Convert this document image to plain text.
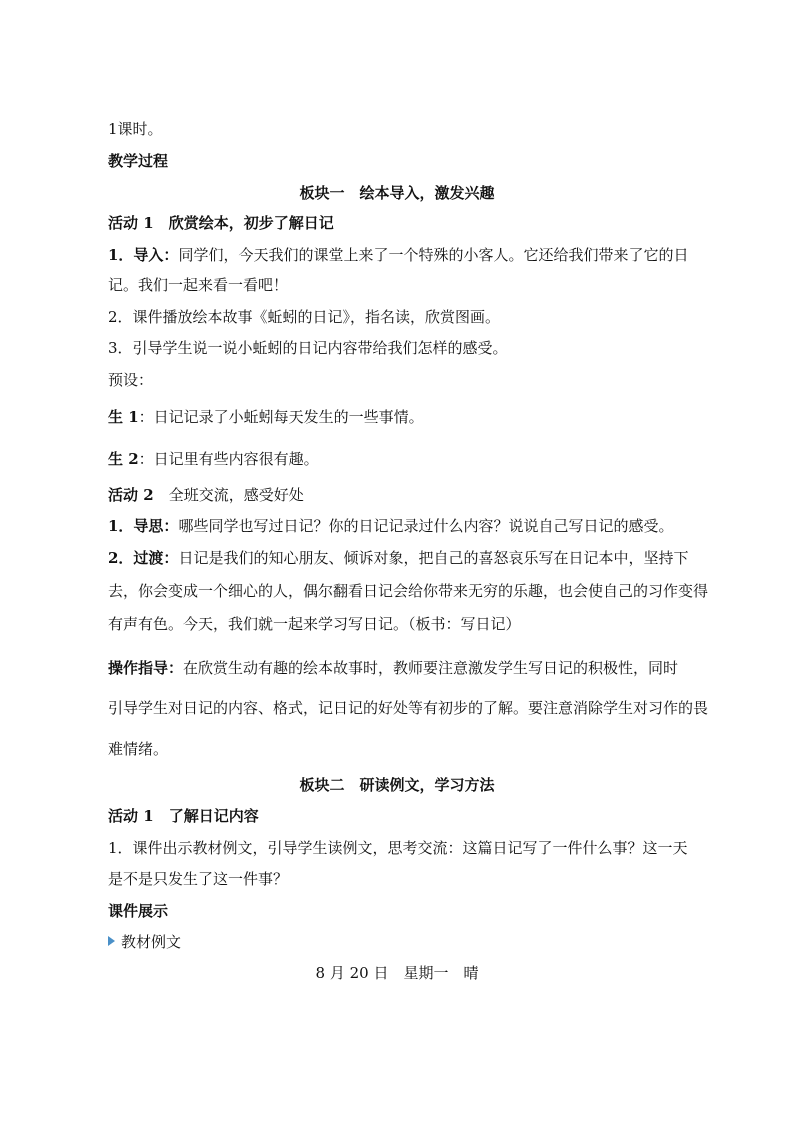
1课时。
教学过程
板块一　绘本导入，激发兴趣
活动 1　 欣赏绘本，初步了解日记
1．导入：同学们，今天我们的课堂上来了一个特殊的小客人。它还给我们带来了它的日
记。我们一起来看一看吧！
2．课件播放绘本故事《蚯蚓的日记》，指名读，欣赏图画。
3．引导学生说一说小蚯蚓的日记内容带给我们怎样的感受。
预设：
生 1：日记记录了小蚯蚓每天发生的一些事情。
生 2：日记里有些内容很有趣。
活动 2　 全班交流，感受好处
1．导思：哪些同学也写过日记？你的日记记录过什么内容？说说自己写日记的感受。
2．过渡：日记是我们的知心朋友、倾诉对象，把自己的喜怒哀乐写在日记本中，坚持下
去，你会变成一个细心的人，偶尔翻看日记会给你带来无穷的乐趣，也会使自己的习作变得
有声有色。今天，我们就一起来学习写日记。（板书：写日记）
操作指导：在欣赏生动有趣的绘本故事时，教师要注意激发学生写日记的积极性，同时
引导学生对日记的内容、格式，记日记的好处等有初步的了解。要注意消除学生对习作的畏
难情绪。
板块二　研读例文，学习方法
活动 1　 了解日记内容
1．课件出示教材例文，引导学生读例文，思考交流：这篇日记写了一件什么事？这一天
是不是只发生了这一件事？
课件展示
教材例文
8 月 20 日　星期一　晴
